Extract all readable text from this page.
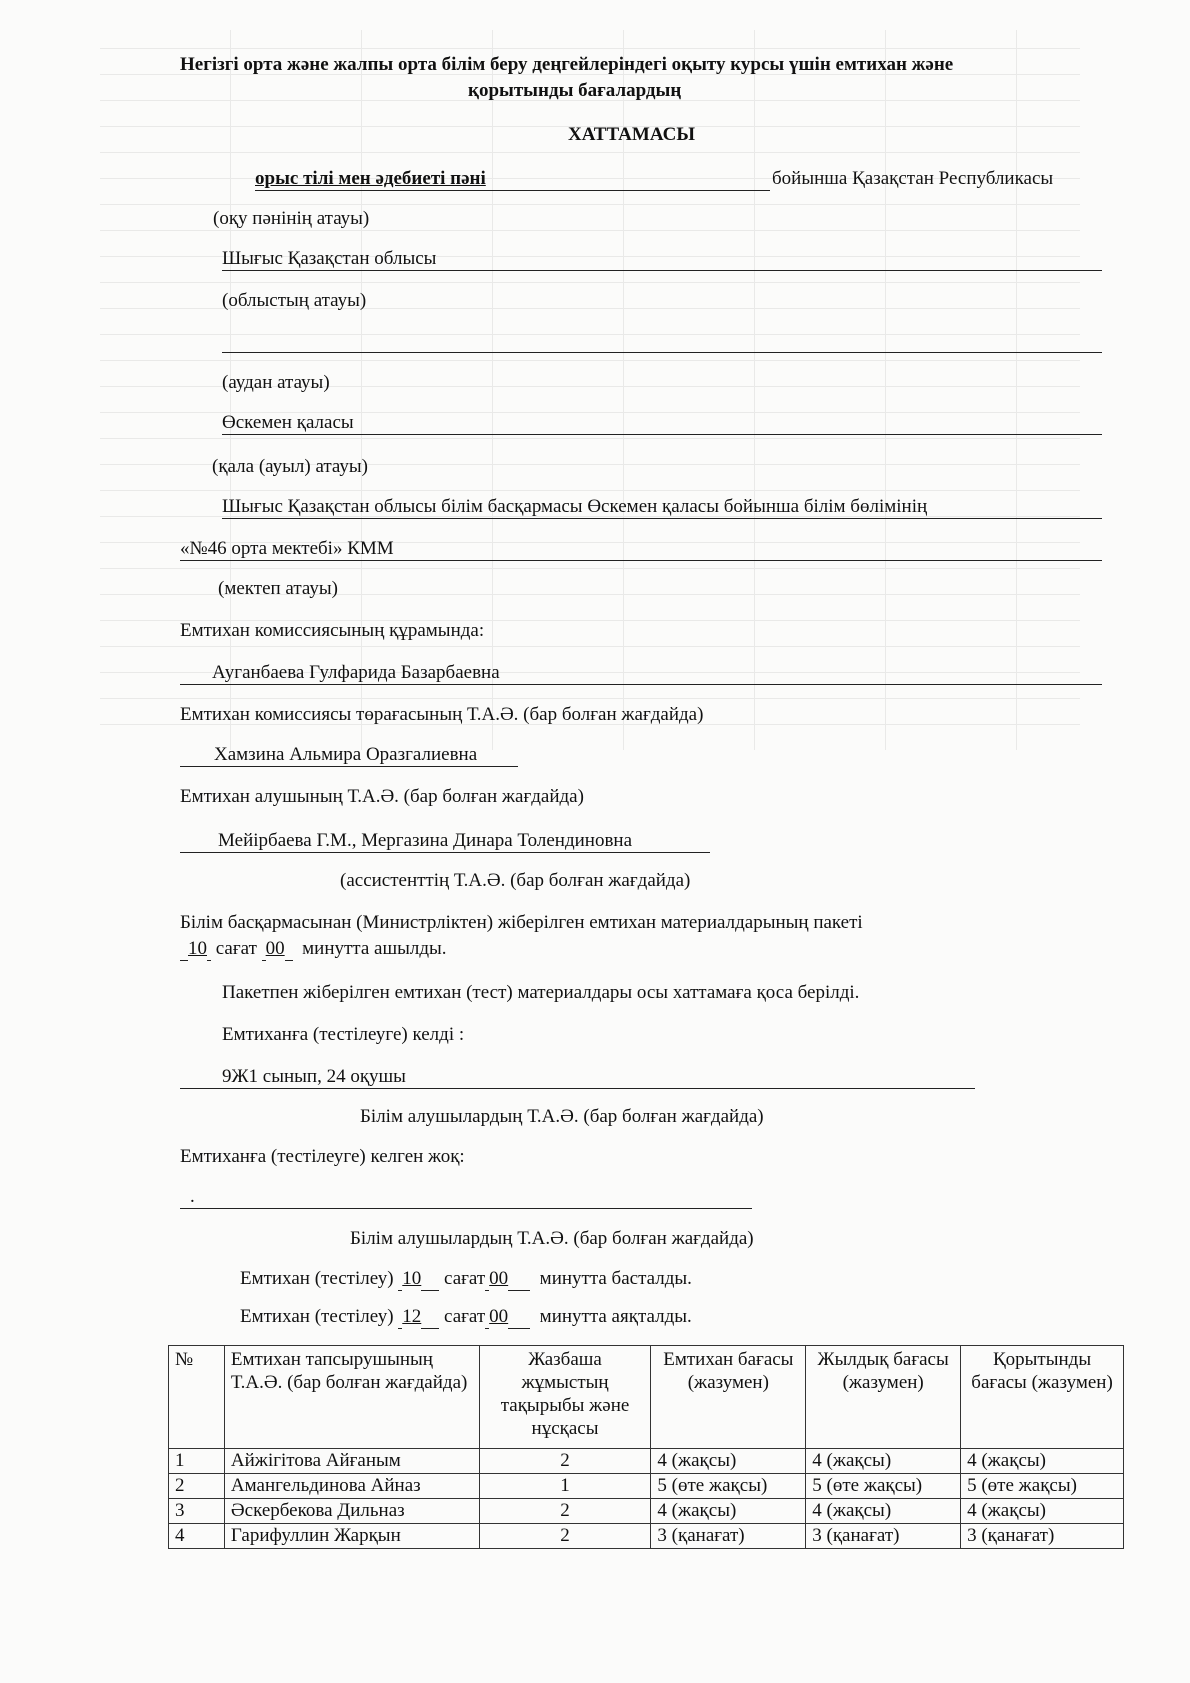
Негізгі орта және жалпы орта білім беру деңгейлеріндегі оқыту курсы үшін емтихан және
қорытынды бағалардың
ХАТТАМАСЫ
орыс тілі мен әдебиеті пәні	бойынша Қазақстан Республикасы
(оқу пәнінің атауы)
Шығыс Қазақстан облысы
(облыстың атауы)
(аудан атауы)
Өскемен қаласы
(қала (ауыл) атауы)
Шығыс Қазақстан облысы білім басқармасы Өскемен қаласы бойынша білім бөлімінің
«№46 орта мектебі» КММ
(мектеп атауы)
Емтихан комиссиясының құрамында:
Ауганбаева Гулфарида Базарбаевна
Емтихан комиссиясы төрағасының Т.А.Ә. (бар болған жағдайда)
Хамзина Альмира Оразгалиевна
Емтихан алушының Т.А.Ә. (бар болған жағдайда)
Мейірбаева Г.М., Мергазина Динара Толендиновна
(ассистенттің Т.А.Ә. (бар болған жағдайда)
Білім басқармасынан (Министрліктен) жіберілген емтихан материалдарының пакеті
10 сағат 00 минутта ашылды.
Пакетпен жіберілген емтихан (тест) материалдары осы хаттамаға қоса берілді.
Емтиханға (тестілеуге) келді :
9Ж1 сынып, 24 оқушы
Білім алушылардың Т.А.Ә. (бар болған жағдайда)
Емтиханға (тестілеуге) келген жоқ:
.
Білім алушылардың Т.А.Ә. (бар болған жағдайда)
Емтихан (тестілеу) 10 сағат 00 минутта басталды.
Емтихан (тестілеу) 12 сағат 00 минутта аяқталды.
№	Емтихан тапсырушының Т.А.Ә. (бар болған жағдайда)	Жазбаша жұмыстың тақырыбы және нұсқасы	Емтихан бағасы (жазумен)	Жылдық бағасы (жазумен)	Қорытынды бағасы (жазумен)
1	Айжігітова Айғаным	2	4 (жақсы)	4 (жақсы)	4 (жақсы)
2	Амангельдинова Айназ	1	5 (өте жақсы)	5 (өте жақсы)	5 (өте жақсы)
3	Әскербекова Дильназ	2	4 (жақсы)	4 (жақсы)	4 (жақсы)
4	Гарифуллин Жарқын	2	3 (қанағат)	3 (қанағат)	3 (қанағат)
